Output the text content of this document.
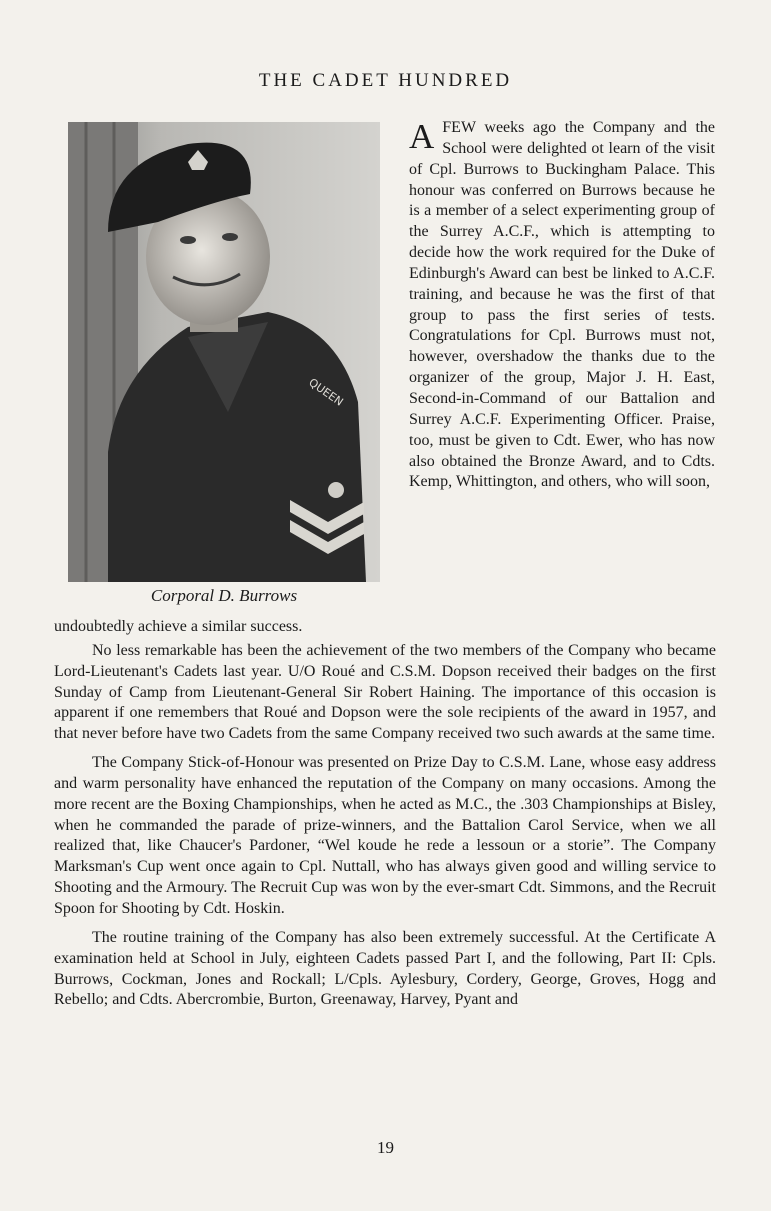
THE CADET HUNDRED
QUEEN
Corporal D. Burrows
AFEW weeks ago the Company and the School were delighted ot learn of the visit of Cpl. Burrows to Buckingham Palace. This honour was conferred on Burrows because he is a member of a select experimenting group of the Surrey A.C.F., which is attempting to decide how the work required for the Duke of Edinburgh's Award can best be linked to A.C.F. training, and because he was the first of that group to pass the first series of tests. Congratulations for Cpl. Burrows must not, however, overshadow the thanks due to the organizer of the group, Major J. H. East, Second-in-Command of our Battalion and Surrey A.C.F. Experimenting Officer. Praise, too, must be given to Cdt. Ewer, who has now also obtained the Bronze Award, and to Cdts. Kemp, Whittington, and others, who will soon,

undoubtedly achieve a similar success.

No less remarkable has been the achievement of the two members of the Company who became Lord-Lieutenant's Cadets last year. U/O Roué and C.S.M. Dopson received their badges on the first Sunday of Camp from Lieutenant-General Sir Robert Haining. The importance of this occasion is apparent if one remembers that Roué and Dopson were the sole recipients of the award in 1957, and that never before have two Cadets from the same Company received two such awards at the same time.

The Company Stick-of-Honour was presented on Prize Day to C.S.M. Lane, whose easy address and warm personality have enhanced the reputation of the Company on many occasions. Among the more recent are the Boxing Championships, when he acted as M.C., the .303 Championships at Bisley, when he commanded the parade of prize-winners, and the Battalion Carol Service, when we all realized that, like Chaucer's Pardoner, “Wel koude he rede a lessoun or a storie”. The Company Marksman's Cup went once again to Cpl. Nuttall, who has always given good and willing service to Shooting and the Armoury. The Recruit Cup was won by the ever-smart Cdt. Simmons, and the Recruit Spoon for Shooting by Cdt. Hoskin.

The routine training of the Company has also been extremely successful. At the Certificate A examination held at School in July, eighteen Cadets passed Part I, and the following, Part II: Cpls. Burrows, Cockman, Jones and Rockall; L/Cpls. Aylesbury, Cordery, George, Groves, Hogg and Rebello; and Cdts. Abercrombie, Burton, Greenaway, Harvey, Pyant and

19
